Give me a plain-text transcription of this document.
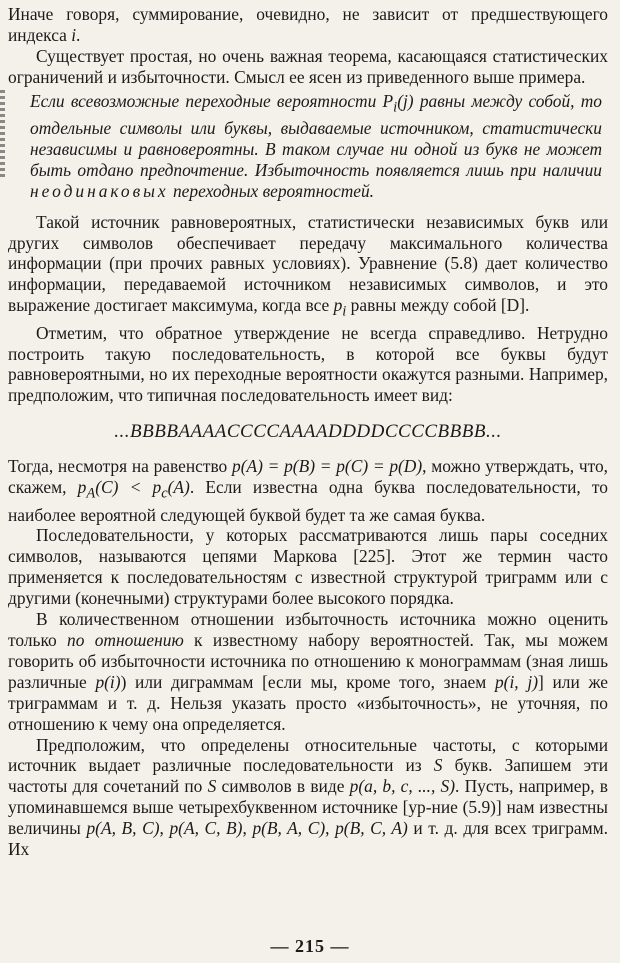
Иначе говоря, суммирование, очевидно, не зависит от предшествующего индекса i.

Существует простая, но очень важная теорема, касающаяся статистических ограничений и избыточности. Смысл ее ясен из приведенного выше примера.

Если всевозможные переходные вероятности $P_i(j)$ равны между собой, то отдельные символы или буквы, выдаваемые источником, статистически независимы и равновероятны. В таком случае ни одной из букв не может быть отдано предпочтение. Избыточность появляется лишь при наличии неодинаковых переходных вероятностей.

Такой источник равновероятных, статистически независимых букв или других символов обеспечивает передачу максимального количества информации (при прочих равных условиях). Уравнение (5.8) дает количество информации, передаваемой источником независимых символов, и это выражение достигает максимума, когда все $p_i$ равны между собой [D].

Отметим, что обратное утверждение не всегда справедливо. Нетрудно построить такую последовательность, в которой все буквы будут равновероятными, но их переходные вероятности окажутся разными. Например, предположим, что типичная последовательность имеет вид:

...BBBBAAAACCCCAAAADDDDCCCCBBBB...

Тогда, несмотря на равенство p(A) = p(B) = p(C) = p(D), можно утверждать, что, скажем, $p_A(C) < p_c(A)$. Если известна одна буква последовательности, то наиболее вероятной следующей буквой будет та же самая буква.

Последовательности, у которых рассматриваются лишь пары соседних символов, называются цепями Маркова [225]. Этот же термин часто применяется к последовательностям с известной структурой триграмм или с другими (конечными) структурами более высокого порядка.

В количественном отношении избыточность источника можно оценить только по отношению к известному набору вероятностей. Так, мы можем говорить об избыточности источника по отношению к монограммам (зная лишь различные p(i)) или диграммам [если мы, кроме того, знаем p(i, j)] или же триграммам и т. д. Нельзя указать просто «избыточность», не уточняя, по отношению к чему она определяется.

Предположим, что определены относительные частоты, с которыми источник выдает различные последовательности из S букв. Запишем эти частоты для сочетаний по S символов в виде p(a, b, c, ..., S). Пусть, например, в упоминавшемся выше четырехбуквенном источнике [ур-ние (5.9)] нам известны величины p(A, B, C), p(A, C, B), p(B, A, C), p(B, C, A) и т. д. для всех триграмм. Их

— 215 —
